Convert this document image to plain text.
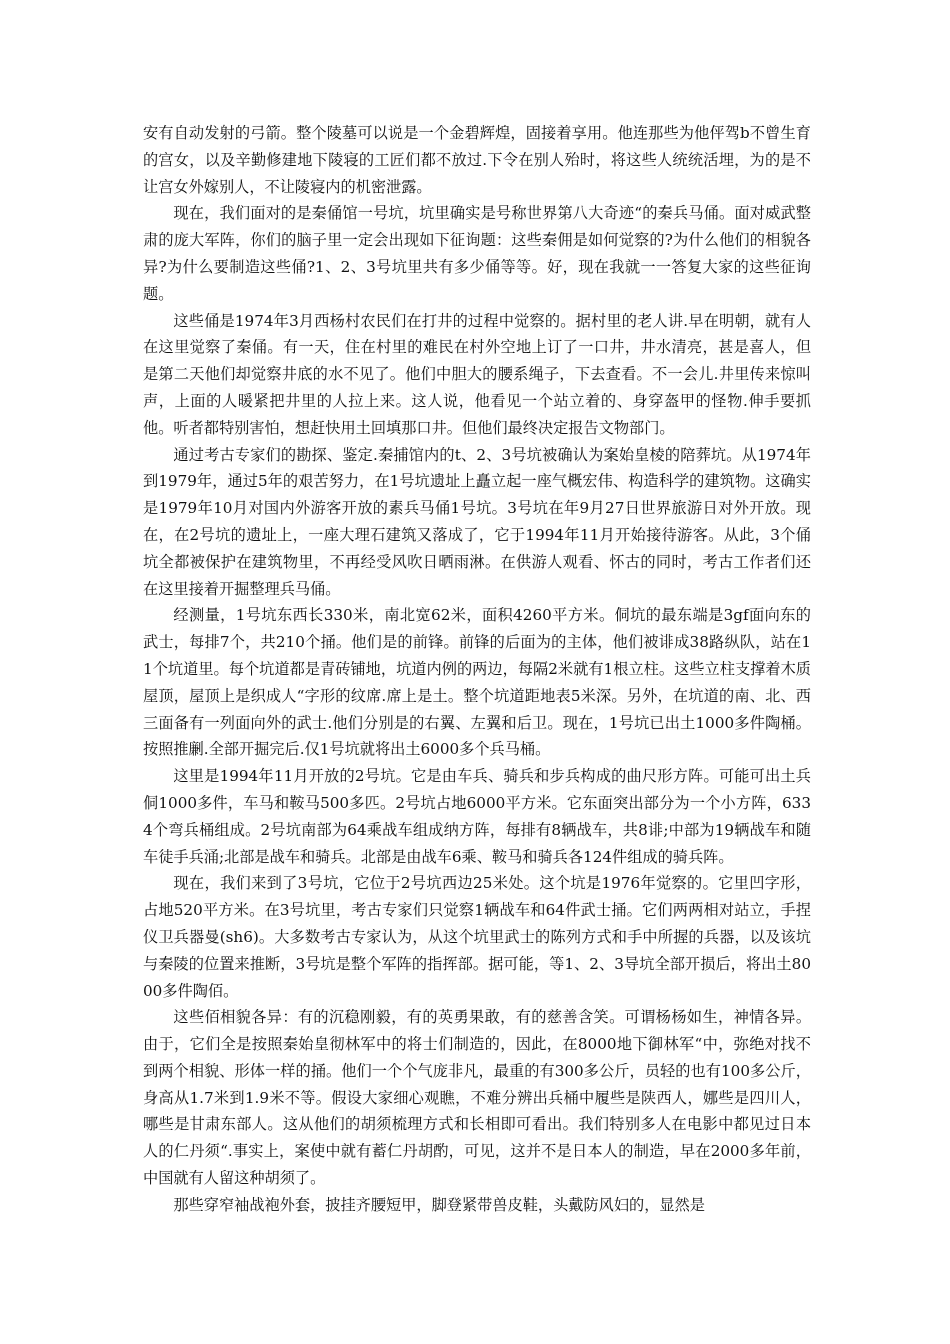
安有自动发射的弓箭。整个陵墓可以说是一个金碧辉煌，固接着享用。他连那些为他伻驾b不曾生育的宫女，以及辛勤修建地下陵寝的工匠们都不放过.下令在别人殆时，将这些人统统活埋，为的是不让宫女外嫁别人，不让陵寝内的机密泄露。

现在，我们面对的是秦俑馆一号坑，坑里确实是号称世界第八大奇迹“的秦兵马俑。面对威武整肃的庞大军阵，你们的脑子里一定会出现如下征询题：这些秦佣是如何觉察的?为什么他们的相貌各异?为什么要制造这些俑?1、2、3号坑里共有多少俑等等。好，现在我就一一答复大家的这些征询题。

这些俑是1974年3月西杨村农民们在打井的过程中觉察的。据村里的老人讲.早在明朝，就有人在这里觉察了秦俑。有一天，住在村里的难民在村外空地上订了一口井，井水清亮，甚是喜人，但是第二天他们却觉察井底的水不见了。他们中胆大的腰系绳子，下去查看。不一会儿.井里传来惊叫声，上面的人暖紧把井里的人拉上来。这人说，他看见一个站立着的、身穿盔甲的怪物.伸手要抓他。听者都特别害怕，想赶快用土回填那口井。但他们最终决定报告文物部门。

通过考古专家们的勘探、鉴定.秦捕馆内的t、2、3号坑被确认为案始皇棱的陪葬坑。从1974年到1979年，通过5年的艰苦努力，在1号坑遗址上矗立起一座气概宏伟、构造科学的建筑物。这确实是1979年10月对国内外游客开放的素兵马俑1号坑。3号坑在年9月27日世界旅游日对外开放。现在，在2号坑的遗址上，一座大理石建筑又落成了，它于1994年11月开始接待游客。从此，3个俑坑全都被保护在建筑物里，不再经受风吹日晒雨淋。在供游人观看、怀古的同时，考古工作者们还在这里接着开掘整理兵马俑。

经测量，1号坑东西长330米，南北宽62米，面积4260平方米。侗坑的最东端是3gf面向东的武士，每排7个，共210个捅。他们是的前锋。前锋的后面为的主体，他们被诽成38路纵队，站在11个坑道里。每个坑道都是青砖铺地，坑道内例的两边，每隔2米就有1根立柱。这些立柱支撑着木质屋顶，屋顶上是织成人“字形的纹席.席上是土。整个坑道距地表5米深。另外，在坑道的南、北、西三面备有一列面向外的武士.他们分别是的右翼、左翼和后卫。现在，1号坑已出土1000多件陶桶。按照推劆.全部开掘完后.仅1号坑就将出土6000多个兵马桶。

这里是1994年11月开放的2号坑。它是由车兵、骑兵和步兵构成的曲尺形方阵。可能可出土兵侗1000多件，车马和鞍马500多匹。2号坑占地6000平方米。它东面突出部分为一个小方阵，6334个弯兵桶组成。2号坑南部为64乘战车组成纳方阵，每排有8辆战车，共8诽;中部为19辆战车和随车徒手兵涌;北部是战车和骑兵。北部是由战车6乘、鞍马和骑兵各124件组成的骑兵阵。

现在，我们来到了3号坑，它位于2号坑西边25米处。这个坑是1976年觉察的。它里凹字形，占地520平方米。在3号坑里，考古专家们只觉察1辆战车和64件武士捅。它们两两相对站立，手捏仪卫兵器曼(sh6)。大多数考古专家认为，从这个坑里武士的陈列方式和手中所握的兵器，以及该坑与秦陵的位置来推断，3号坑是整个军阵的指挥部。据可能，等1、2、3导坑全部开损后，将出土8000多件陶佰。

这些佰相貌各异：有的沉稳刚毅，有的英勇果敢，有的慈善含笑。可谓杨杨如生，神情各异。由于，它们全是按照秦始皇彻林军中的将士们制造的，因此，在8000地下御林军“中，弥绝对找不到两个相貌、形体一样的捅。他们一个个气庞非凡，最重的有300多公斤，员轻的也有100多公斤，身高从1.7米到1.9米不等。假设大家细心观瞧，不难分辨出兵桶中履些是陕西人，娜些是四川人，哪些是甘肃东部人。这从他们的胡须梳理方式和长相即可看出。我们特别多人在电影中都见过日本人的仁丹须“.事实上，案使中就有蓄仁丹胡酌，可见，这并不是日本人的制造，早在2000多年前，中国就有人留这种胡须了。

那些穿窄袖战袍外套，披挂齐腰短甲，脚登紧带兽皮鞋，头戴防风妇的，显然是
